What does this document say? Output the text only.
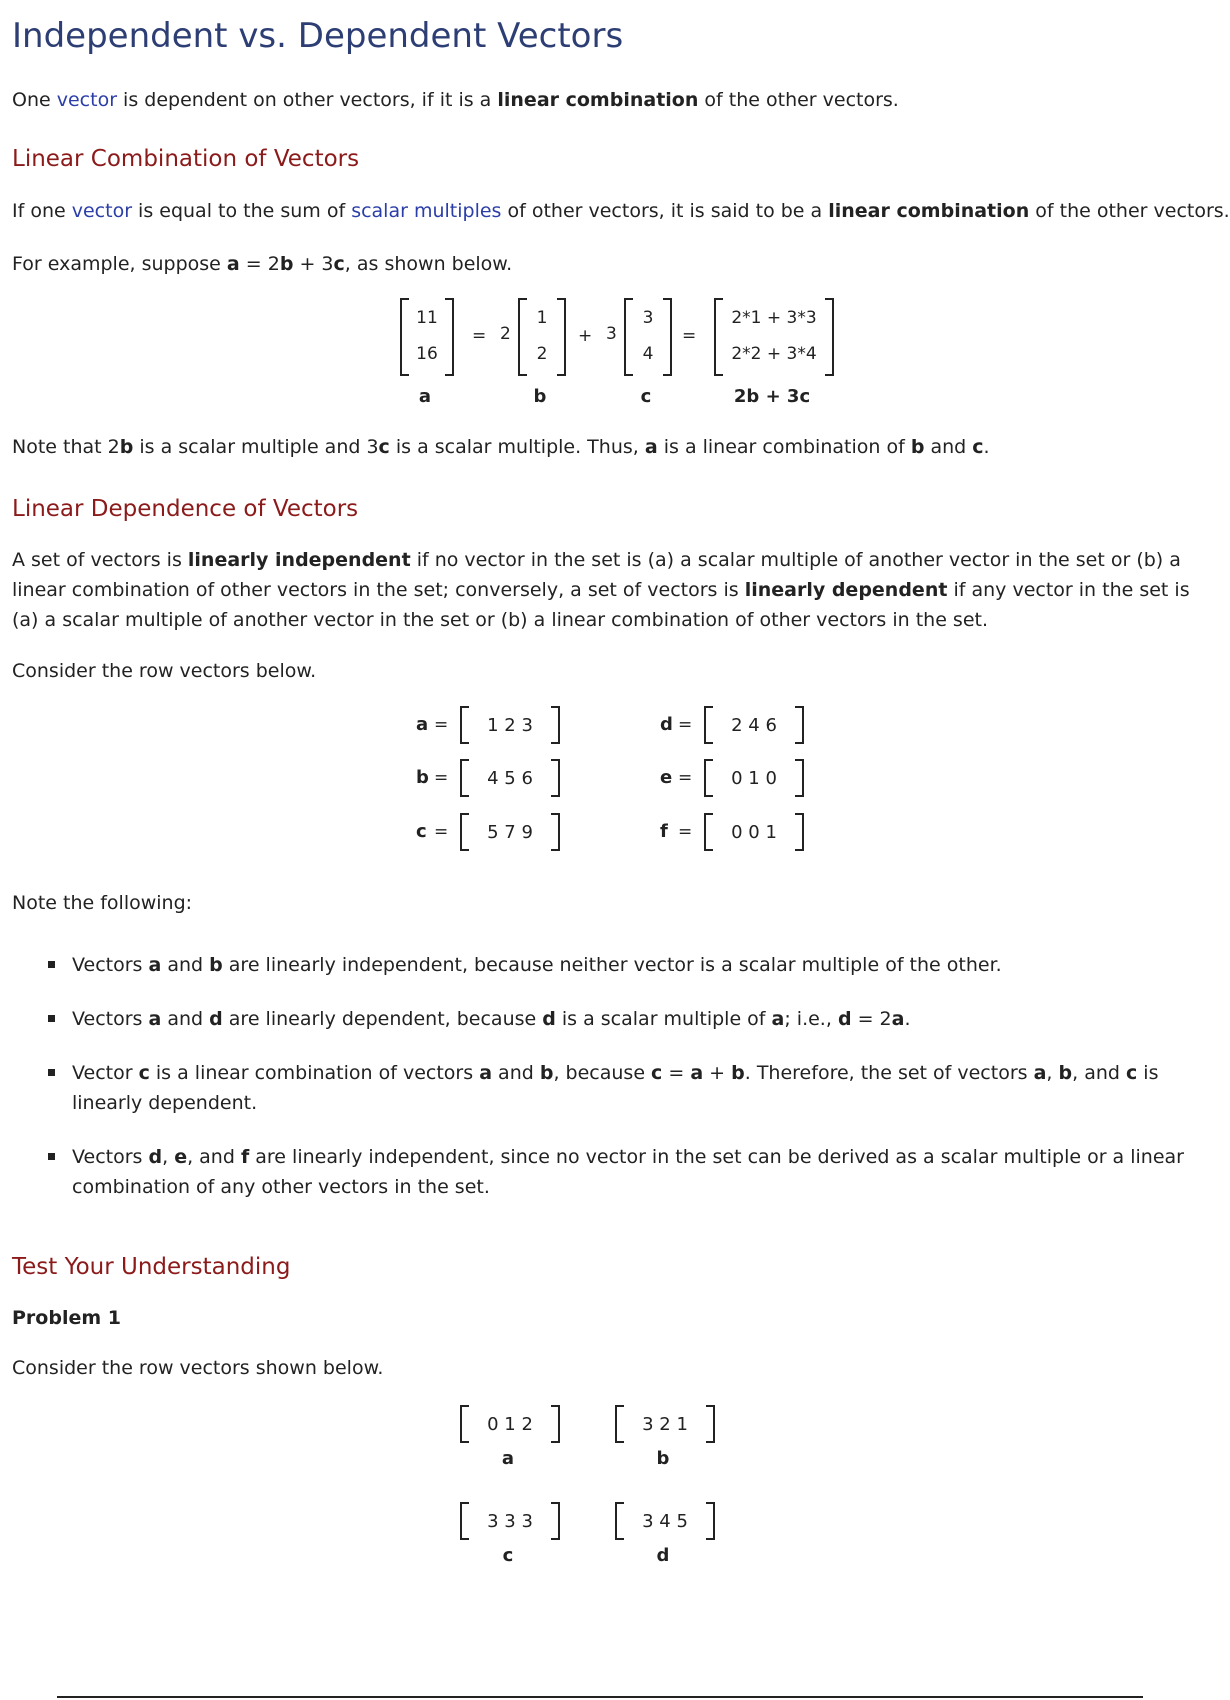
Independent vs. Dependent Vectors
One vector is dependent on other vectors, if it is a linear combination of the other vectors.
Linear Combination of Vectors
If one vector is equal to the sum of scalar multiples of other vectors, it is said to be a linear combination of the other vectors.
For example, suppose a = 2b + 3c, as shown below.
11
16
= 2
1
2
+ 3
3
4
=
2*1 + 3*3
2*2 + 3*4
a	b	c	2b + 3c
Note that 2b is a scalar multiple and 3c is a scalar multiple. Thus, a is a linear combination of b and c.
Linear Dependence of Vectors
A set of vectors is linearly independent if no vector in the set is (a) a scalar multiple of another vector in the set or (b) a linear combination of other vectors in the set; conversely, a set of vectors is linearly dependent if any vector in the set is (a) a scalar multiple of another vector in the set or (b) a linear combination of other vectors in the set.
Consider the row vectors below.
a =	1 2 3
b =	4 5 6
c =	5 7 9
d =	2 4 6
e =	0 1 0
f =	0 0 1
Note the following:
Vectors a and b are linearly independent, because neither vector is a scalar multiple of the other.
Vectors a and d are linearly dependent, because d is a scalar multiple of a; i.e., d = 2a.
Vector c is a linear combination of vectors a and b, because c = a + b. Therefore, the set of vectors a, b, and c is linearly dependent.
Vectors d, e, and f are linearly independent, since no vector in the set can be derived as a scalar multiple or a linear combination of any other vectors in the set.
Test Your Understanding
Problem 1
Consider the row vectors shown below.
0 1 2
a
3 2 1
b
3 3 3
c
3 4 5
d
